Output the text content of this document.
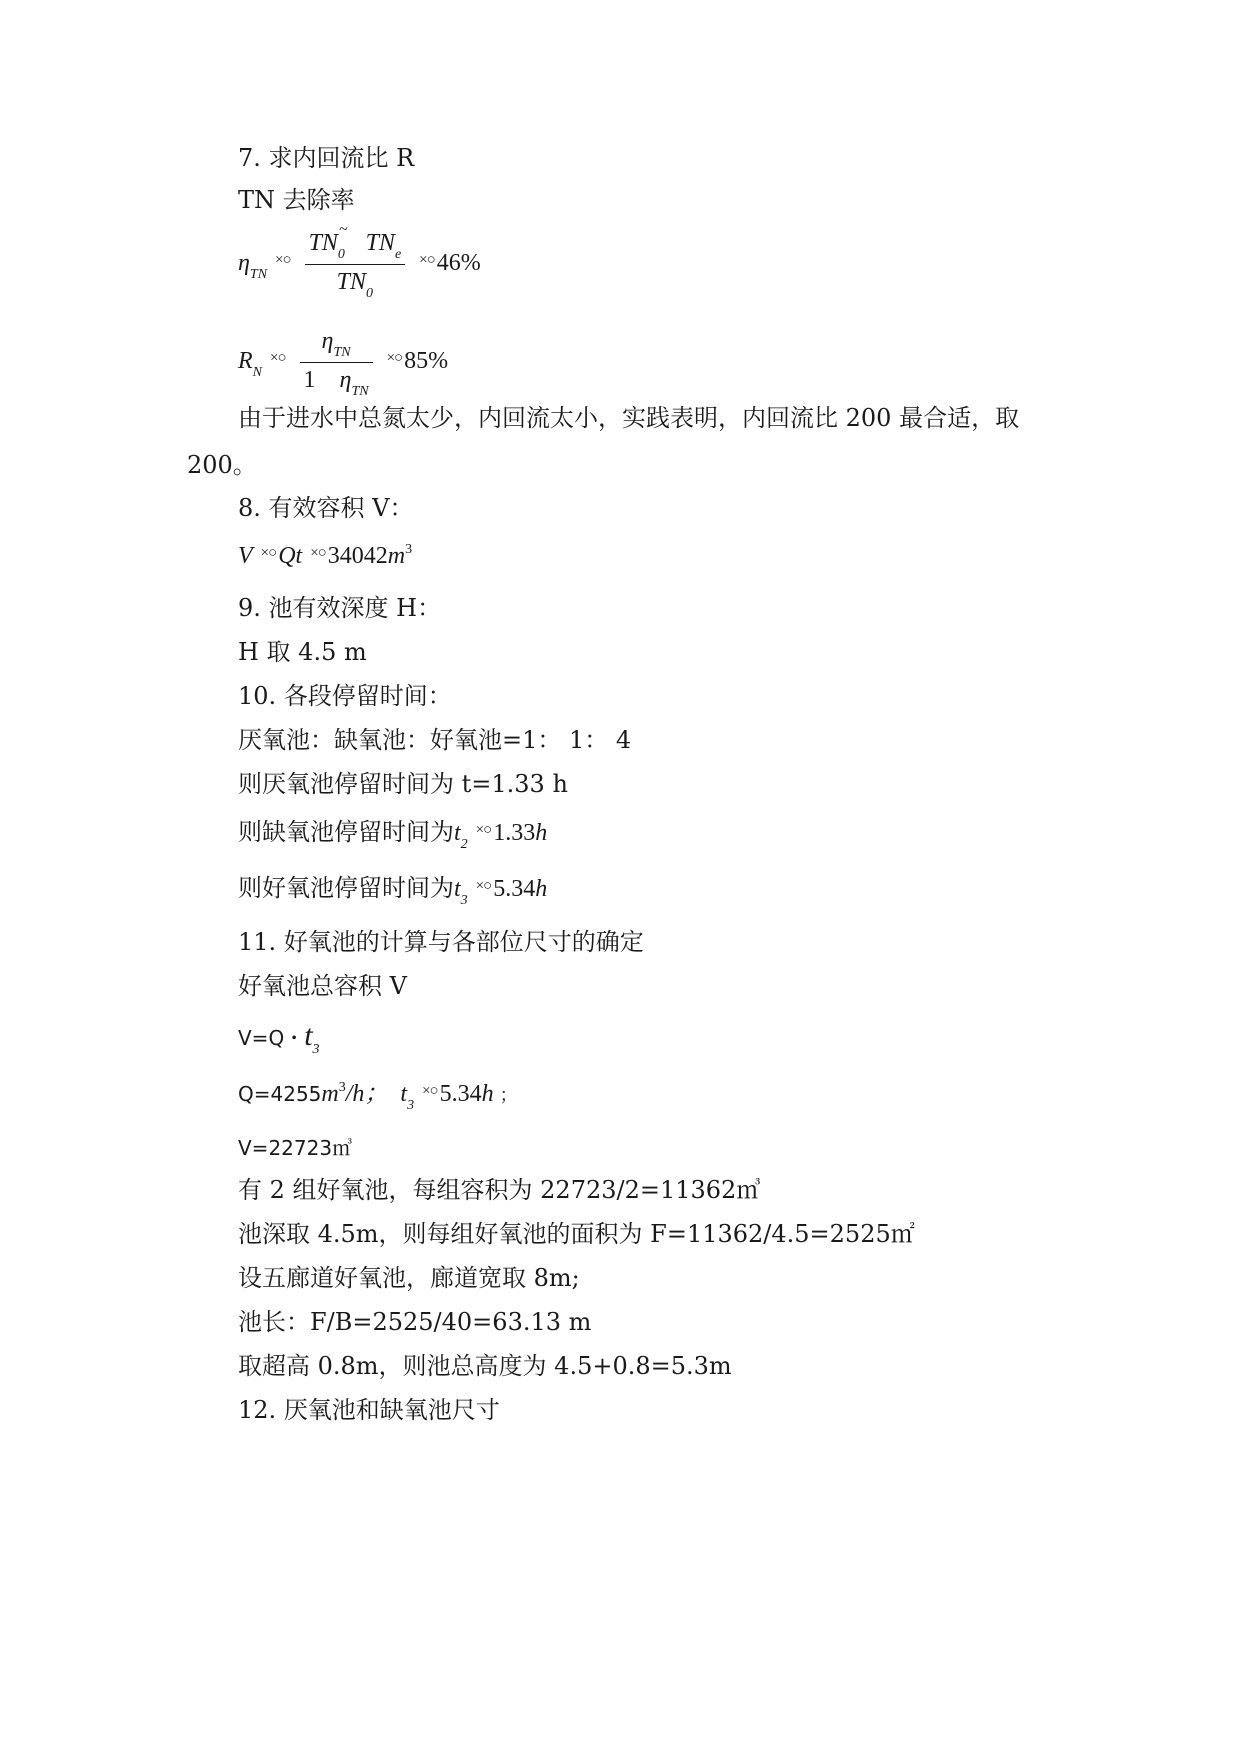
7. 求内回流比 R
TN 去除率
$\eta_{TN}$ $^{\times○} \frac{TN_0^\sim TN_e}{TN_0} ^{\times○}46\%$
$R_N$ $^{\times○} \frac{\eta_{TN}}{1 \eta_{TN}} ^{\times○}85\%$
由于进水中总氮太少，内回流太小，实践表明，内回流比 200 最合适，取
200。
8. 有效容积 V：
V ×○Qt $^{\times○}34042m^3$
9. 池有效深度 H：
H 取 4.5 m
10. 各段停留时间：
厌氧池：缺氧池：好氧池=1： 1： 4
则厌氧池停留时间为 t=1.33 h
则缺氧池停留时间为$t_2$ ×○1.33h
则好氧池停留时间为$t_3$ ×○5.34h
11. 好氧池的计算与各部位尺寸的确定
好氧池总容积 V
V=Q・$t_3$
$Q=4255m^3/h$； $t_3$ ×○5.34h ；
V=22723㎥
有 2 组好氧池，每组容积为 22723/2=11362㎥
池深取 4.5m，则每组好氧池的面积为 F=11362/4.5=2525㎡
设五廊道好氧池，廊道宽取 8m;
池长：F/B=2525/40=63.13 m
取超高 0.8m，则池总高度为 4.5+0.8=5.3m
12. 厌氧池和缺氧池尺寸
